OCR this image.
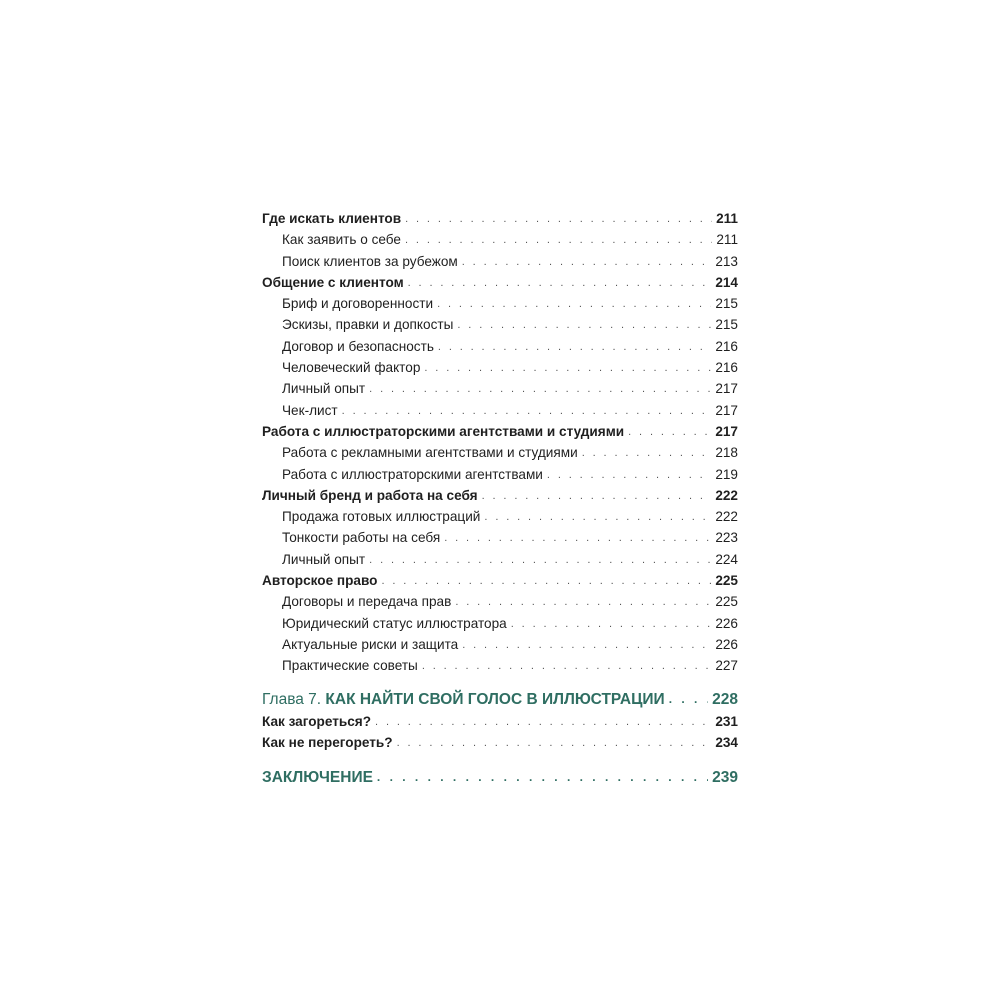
Где искать клиентов . . .	211
Как заявить о себе . . .	211
Поиск клиентов за рубежом . . .	213
Общение с клиентом . . .	214
Бриф и договоренности . . .	215
Эскизы, правки и допкосты . . .	215
Договор и безопасность . . .	216
Человеческий фактор . . .	216
Личный опыт . . .	217
Чек-лист . . .	217
Работа с иллюстраторскими агентствами и студиями . . .	217
Работа с рекламными агентствами и студиями . . .	218
Работа с иллюстраторскими агентствами . . .	219
Личный бренд и работа на себя . . .	222
Продажа готовых иллюстраций . . .	222
Тонкости работы на себя . . .	223
Личный опыт . . .	224
Авторское право . . .	225
Договоры и передача прав . . .	225
Юридический статус иллюстратора . . .	226
Актуальные риски и защита . . .	226
Практические советы . . .	227
Глава 7. КАК НАЙТИ СВОЙ ГОЛОС В ИЛЛЮСТРАЦИИ . . .	228
Как загореться? . . .	231
Как не перегореть? . . .	234
ЗАКЛЮЧЕНИЕ . . .	239
